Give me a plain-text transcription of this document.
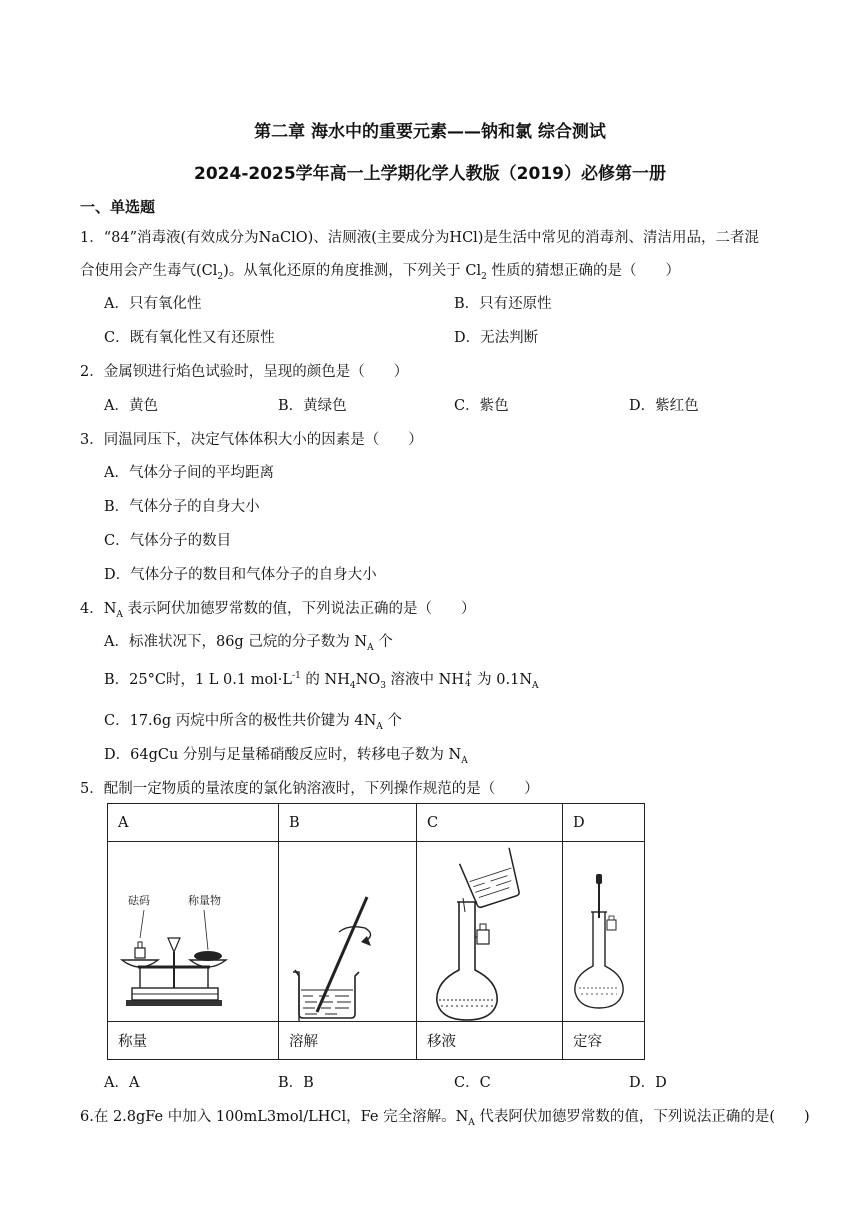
第二章 海水中的重要元素——钠和氯 综合测试
2024-2025学年高一上学期化学人教版（2019）必修第一册
一、单选题
1．“84”消毒液(有效成分为NaClO)、洁厕液(主要成分为HCl)是生活中常见的消毒剂、清洁用品，二者混
合使用会产生毒气$(Cl_2)$。从氧化还原的角度推测，下列关于 $Cl_2$ 性质的猜想正确的是（　　）
A．只有氧化性	B．只有还原性
C．既有氧化性又有还原性	D．无法判断
2．金属钡进行焰色试验时，呈现的颜色是（　　）
A．黄色	B．黄绿色	C．紫色	D．紫红色
3．同温同压下，决定气体体积大小的因素是（　　）
A．气体分子间的平均距离
B．气体分子的自身大小
C．气体分子的数目
D．气体分子的数目和气体分子的自身大小
4．$N_A$ 表示阿伏加德罗常数的值，下列说法正确的是（　　）
A．标准状况下，86g 己烷的分子数为 $N_A$ 个
B．25°C时，1 L 0.1 $mol\cdot L^{-1}$ 的 $NH_4NO_3$ 溶液中 NH +
4 为 $0.1N_A$
C．17.6g 丙烷中所含的极性共价键为 $4N_A$ 个
D．64gCu 分别与足量稀硝酸反应时，转移电子数为 $N_A$
5．配制一定物质的量浓度的氯化钠溶液时，下列操作规范的是（　　）
A	B	C	D

砝码 称量物

称量	溶解	移液	定容
A．A	B．B	C．C	D．D
6.在 2.8gFe 中加入 100mL3mol/LHCl，Fe 完全溶解。$N_A$ 代表阿伏加德罗常数的值，下列说法正确的是(　　)
